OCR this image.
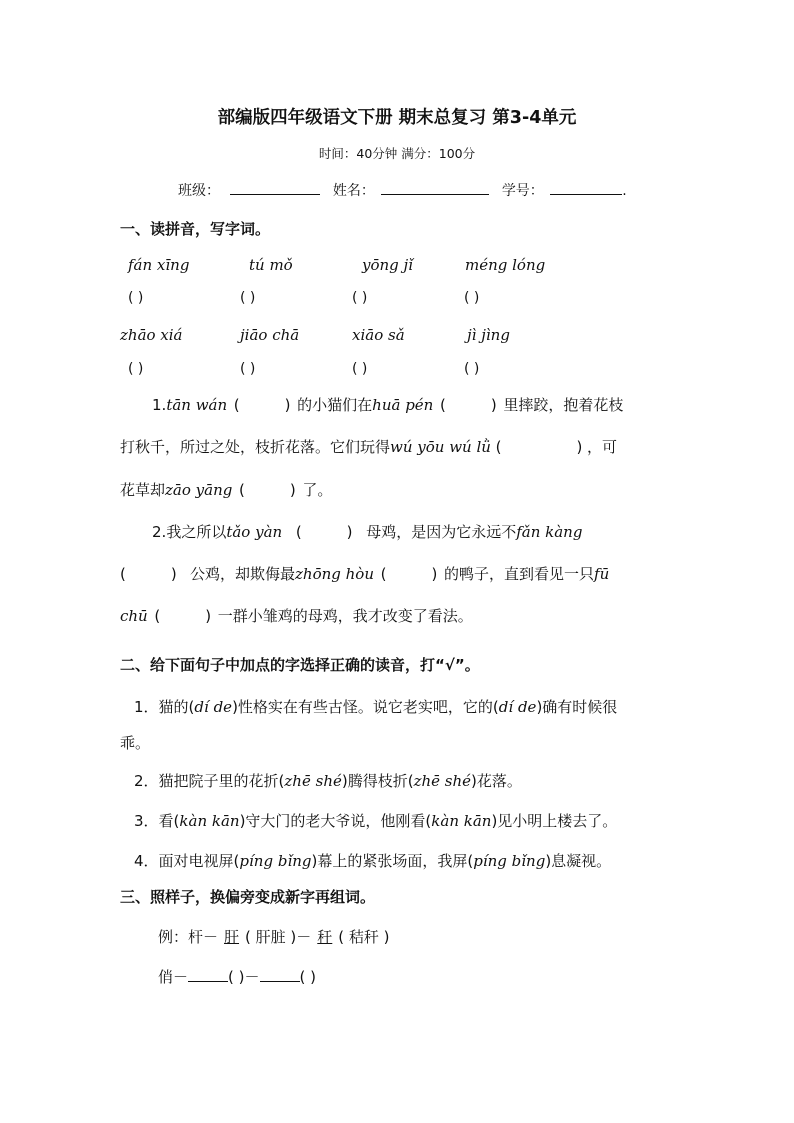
部编版四年级语文下册 期末总复习 第3-4单元
时间：40分钟 满分：100分
班级：	姓名：	学号：	.
一、读拼音，写字词。
fán xīng	tú mǒ	yōng jǐ	méng lóng
( )	( )	( )	( )
zhāo xiá	jiāo chā	xiāo sǎ	jì jìng
( )	( )	( )	( )
1.tān wán (　　　) 的小猫们在huā pén (　　　) 里摔跤，抱着花枝
打秋千，所过之处，枝折花落。它们玩得wú yōu wú lǜ (　　　　　) ，可
花草却zāo yāng (　　　) 了。
2.我之所以tǎo yàn (　　　) 母鸡，是因为它永远不fǎn kàng
(　　　) 公鸡，却欺侮最zhōng hòu (　　　) 的鸭子，直到看见一只fū
chū (　　　) 一群小雏鸡的母鸡，我才改变了看法。
二、给下面句子中加点的字选择正确的读音，打“√”。
1．猫的(dí de)性格实在有些古怪。说它老实吧，它的(dí de)确有时候很
乖。
2．猫把院子里的花折(zhē shé)腾得枝折(zhē shé)花落。
3．看(kàn kān)守大门的老大爷说，他刚看(kàn kān)见小明上楼去了。
4．面对电视屏(píng bǐng)幕上的紧张场面，我屏(píng bǐng)息凝视。
三、照样子，换偏旁变成新字再组词。
例：杆－ 肝 ( 肝脏 )－ 秆 ( 秸秆 )
俏－	( )－	( )
